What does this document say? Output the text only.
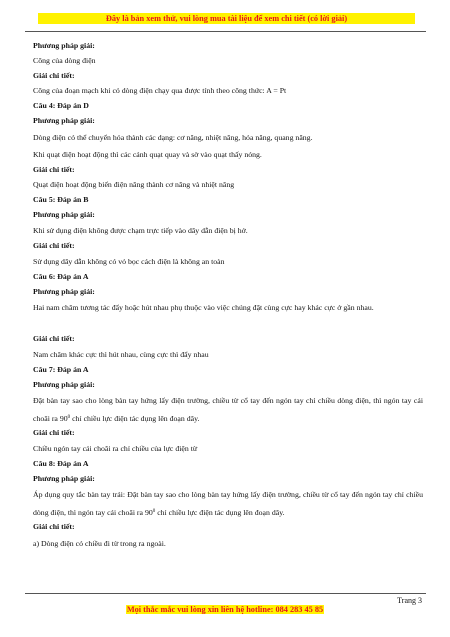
Đây là bản xem thử, vui lòng mua tài liệu để xem chi tiết (có lời giải)
Phương pháp giải:
Công của dòng điện
Giải chi tiết:
Công của đoạn mạch khi có dòng điện chạy qua được tính theo công thức: A = Pt
Câu 4: Đáp án D
Phương pháp giải:
Dòng điện có thể chuyển hóa thành các dạng: cơ năng, nhiệt năng, hóa năng, quang năng.
Khi quạt điện hoạt động thì các cánh quạt quay và sờ vào quạt thấy nóng.
Giải chi tiết:
Quạt điện hoạt động biến điện năng thành cơ năng và nhiệt năng
Câu 5: Đáp án B
Phương pháp giải:
Khi sử dụng điện không được chạm trực tiếp vào dây dẫn điện bị hở.
Giải chi tiết:
Sử dụng dây dẫn không có vỏ bọc cách điện là không an toàn
Câu 6: Đáp án A
Phương pháp giải:
Hai nam châm tương tác đẩy hoặc hút nhau phụ thuộc vào việc chúng đặt cùng cực hay khác cực ở gần nhau.
Giải chi tiết:
Nam châm khác cực thì hút nhau, cùng cực thì đẩy nhau
Câu 7: Đáp án A
Phương pháp giải:
Đặt bàn tay sao cho lòng bàn tay hứng lấy điện trường, chiều từ cổ tay đến ngón tay chỉ chiều dòng điện, thì ngón tay cái choãi ra $90^0$ chỉ chiều lực điện tác dụng lên đoạn dây.
Giải chi tiết:
Chiều ngón tay cái choãi ra chỉ chiều của lực điện từ
Câu 8: Đáp án A
Phương pháp giải:
Áp dụng quy tắc bàn tay trái: Đặt bàn tay sao cho lòng bàn tay hứng lấy điện trường, chiều từ cổ tay đến ngón tay chỉ chiều dòng điện, thì ngón tay cái choãi ra $90^0$ chỉ chiều lực điện tác dụng lên đoạn dây.
Giải chi tiết:
a) Dòng điện có chiều đi từ trong ra ngoài.
Trang 3
Mọi thắc mắc vui lòng xin liên hệ hotline: 084 283 45 85
